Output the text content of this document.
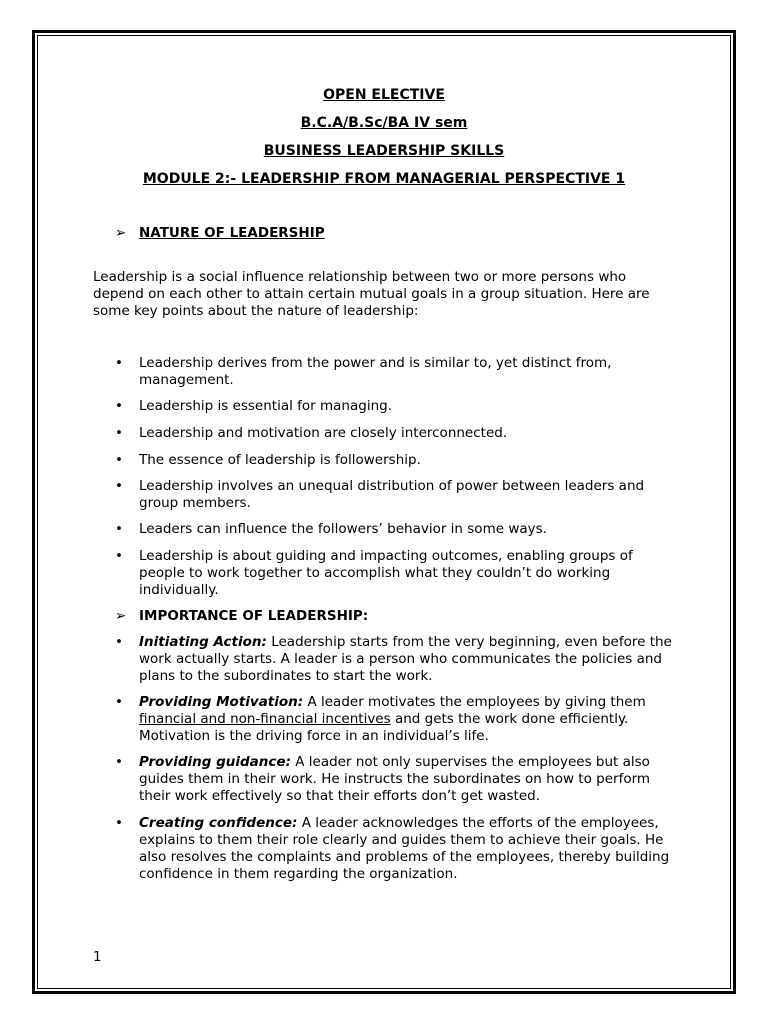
OPEN ELECTIVE
B.C.A/B.Sc/BA IV sem
BUSINESS LEADERSHIP SKILLS
MODULE 2:- LEADERSHIP FROM MANAGERIAL PERSPECTIVE 1
➢ NATURE OF LEADERSHIP
Leadership is a social influence relationship between two or more persons who depend on each other to attain certain mutual goals in a group situation. Here are some key points about the nature of leadership:
• Leadership derives from the power and is similar to, yet distinct from, management.
• Leadership is essential for managing.
• Leadership and motivation are closely interconnected.
• The essence of leadership is followership.
• Leadership involves an unequal distribution of power between leaders and group members.
• Leaders can influence the followers’ behavior in some ways.
• Leadership is about guiding and impacting outcomes, enabling groups of people to work together to accomplish what they couldn’t do working individually.
➢ IMPORTANCE OF LEADERSHIP:
• Initiating Action: Leadership starts from the very beginning, even before the work actually starts. A leader is a person who communicates the policies and plans to the subordinates to start the work.
• Providing Motivation: A leader motivates the employees by giving them financial and non-financial incentives and gets the work done efficiently. Motivation is the driving force in an individual’s life.
• Providing guidance: A leader not only supervises the employees but also guides them in their work. He instructs the subordinates on how to perform their work effectively so that their efforts don’t get wasted.
• Creating confidence: A leader acknowledges the efforts of the employees, explains to them their role clearly and guides them to achieve their goals. He also resolves the complaints and problems of the employees, thereby building confidence in them regarding the organization.
1
